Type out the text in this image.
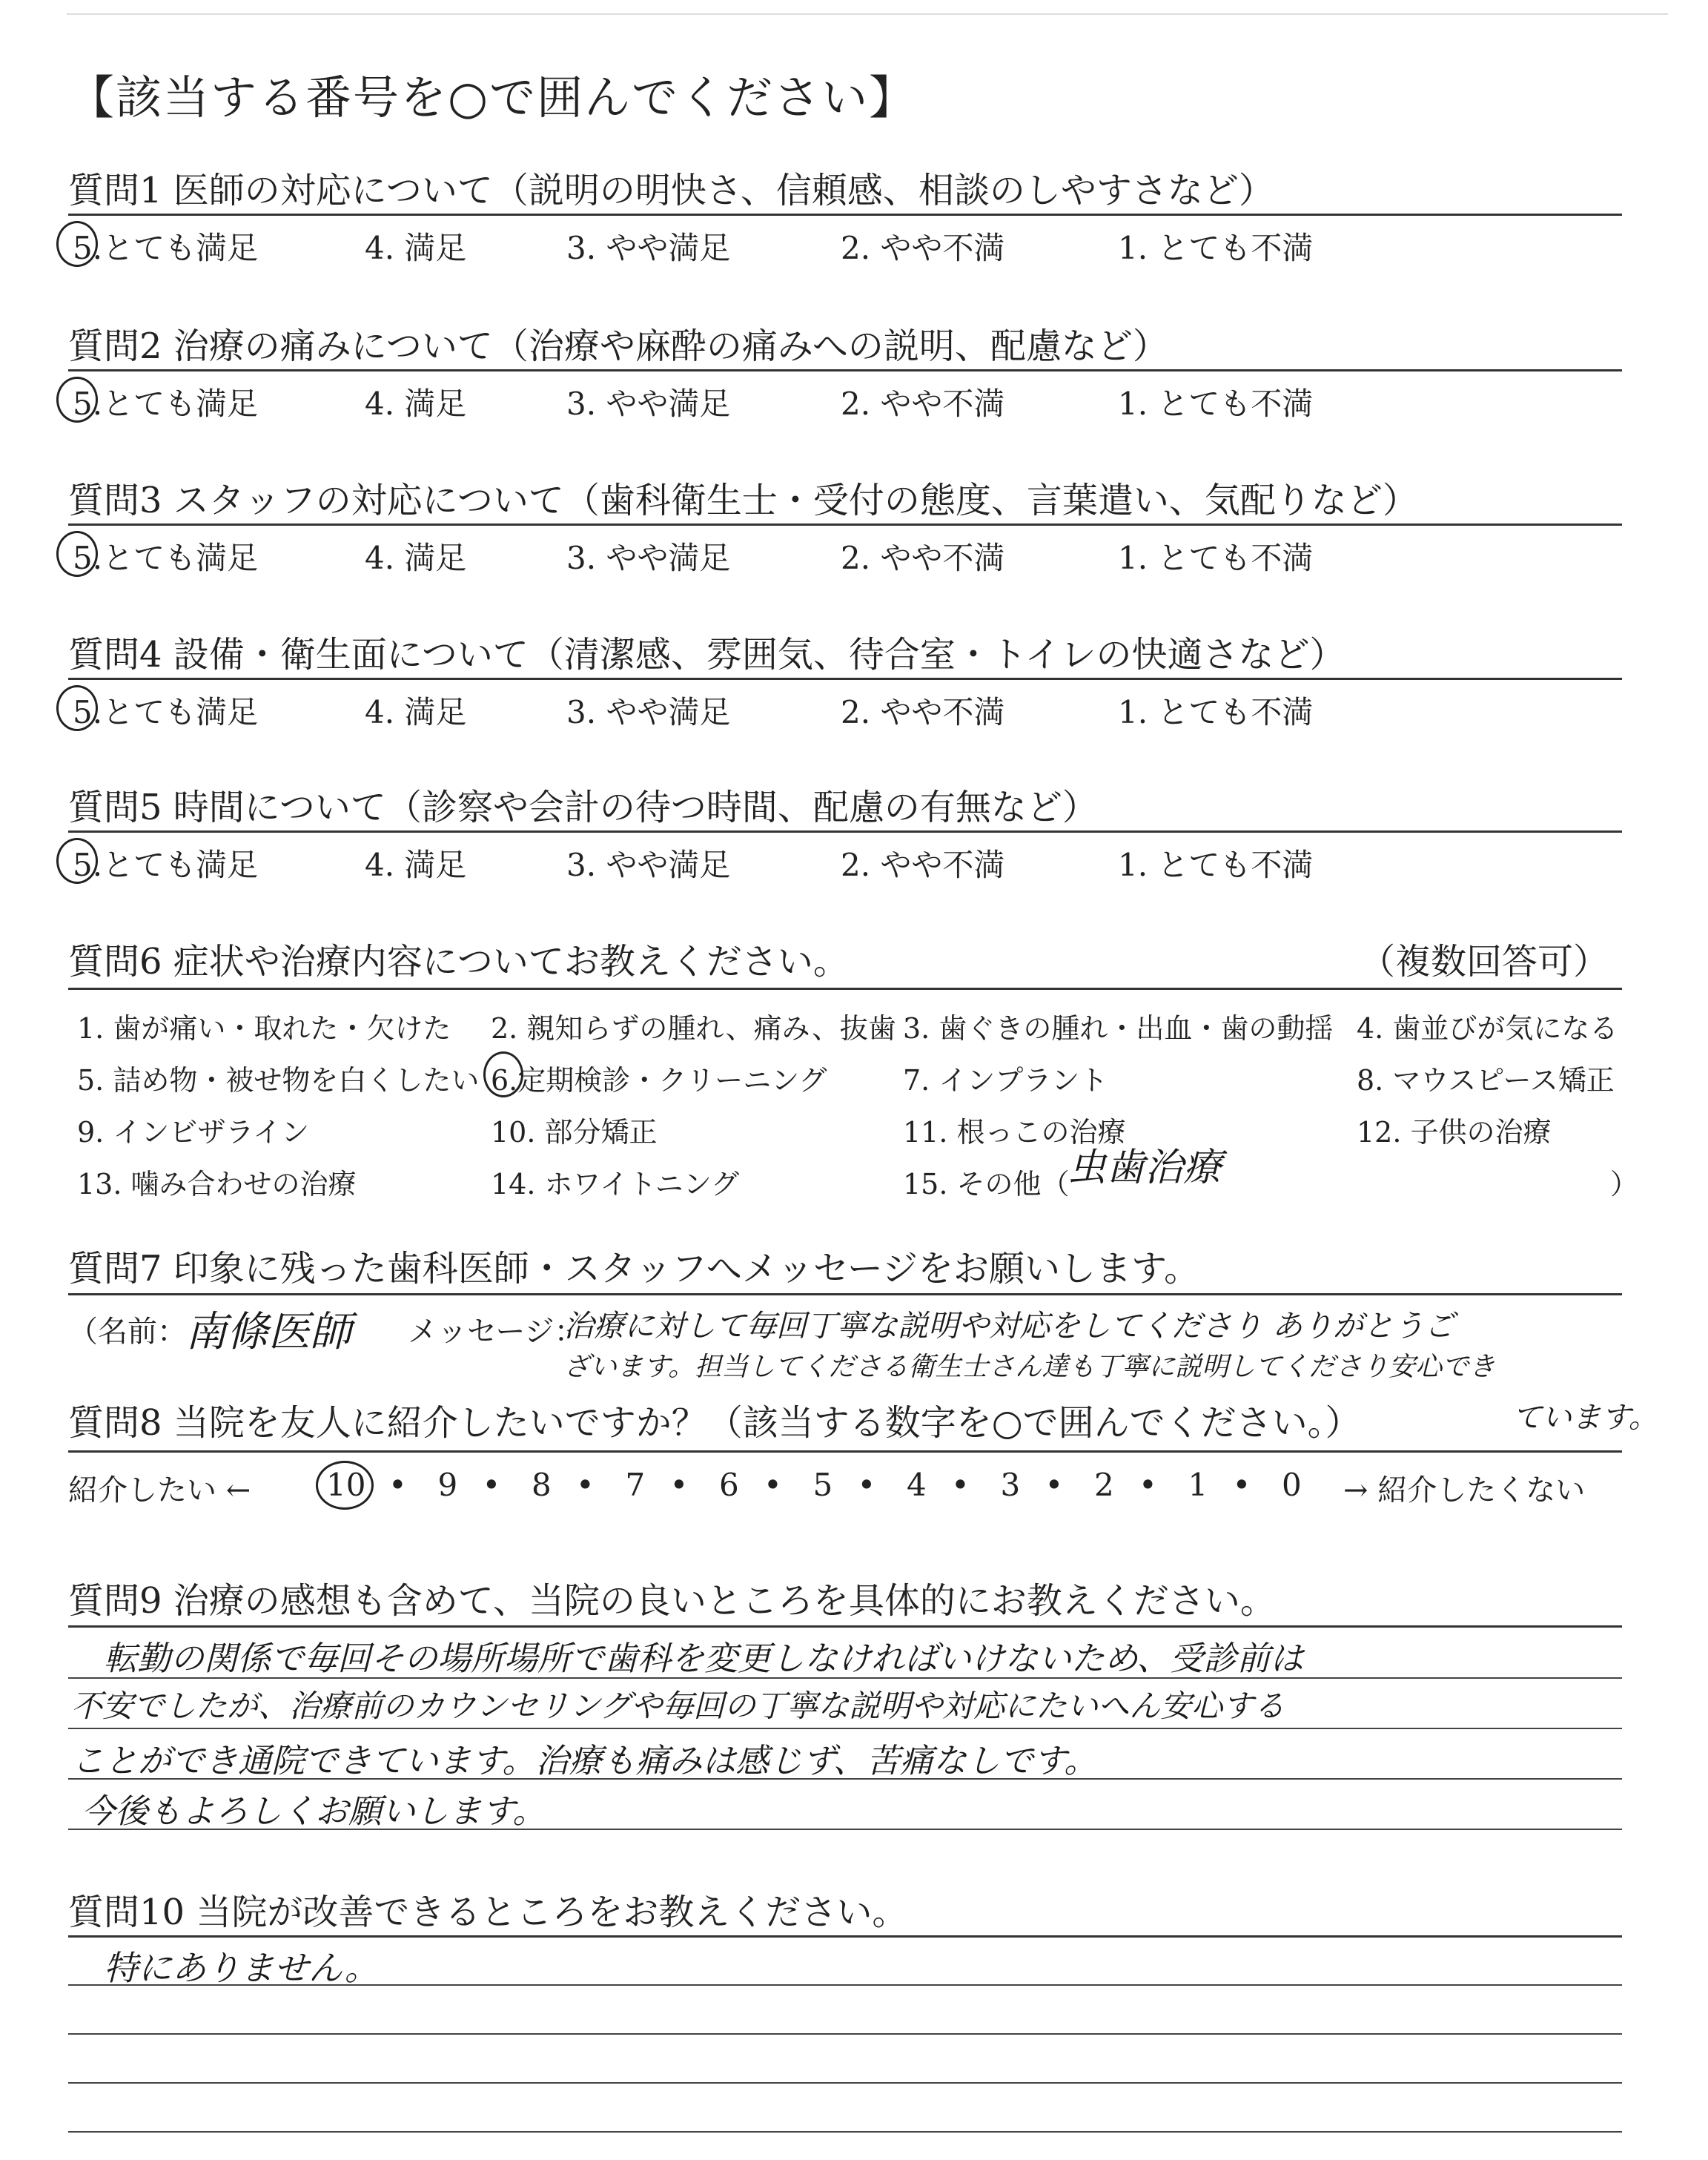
【該当する番号を○で囲んでください】
質問1 医師の対応について（説明の明快さ、信頼感、相談のしやすさなど）
5.とても満足	4. 満足	3. やや満足	2. やや不満	1. とても不満
質問2 治療の痛みについて（治療や麻酔の痛みへの説明、配慮など）
5.とても満足	4. 満足	3. やや満足	2. やや不満	1. とても不満
質問3 スタッフの対応について（歯科衛生士・受付の態度、言葉遣い、気配りなど）
5.とても満足	4. 満足	3. やや満足	2. やや不満	1. とても不満
質問4 設備・衛生面について（清潔感、雰囲気、待合室・トイレの快適さなど）
5.とても満足	4. 満足	3. やや満足	2. やや不満	1. とても不満
質問5 時間について（診察や会計の待つ時間、配慮の有無など）
5.とても満足	4. 満足	3. やや満足	2. やや不満	1. とても不満
質問6 症状や治療内容についてお教えください。	（複数回答可）
1. 歯が痛い・取れた・欠けた 2. 親知らずの腫れ、痛み、抜歯 3. 歯ぐきの腫れ・出血・歯の動揺 4. 歯並びが気になる
5. 詰め物・被せ物を白くしたい 6.定期検診・クリーニング	7. インプラント	8. マウスピース矯正
9. インビザライン	10. 部分矯正	11. 根っこの治療	12. 子供の治療
13. 噛み合わせの治療	14. ホワイトニング	15. その他（	）
虫歯治療
質問7 印象に残った歯科医師・スタッフへメッセージをお願いします。
（名前：
南條医師 メッセージ：
治療に対して毎回丁寧な説明や対応をしてくださり ありがとうご
ざいます。担当してくださる衛生士さん達も丁寧に説明してくださり安心でき
質問8 当院を友人に紹介したいですか？（該当する数字を○で囲んでください。）	ています。
紹介したい ← 10 • 9 • 8 • 7 • 6 • 5 • 4 • 3 • 2 • 1 • 0 → 紹介したくない
質問9 治療の感想も含めて、当院の良いところを具体的にお教えください。
転勤の関係で毎回その場所場所で歯科を変更しなければいけないため、受診前は
不安でしたが、治療前のカウンセリングや毎回の丁寧な説明や対応にたいへん安心する
ことができ通院できています。治療も痛みは感じず、苦痛なしです。
今後もよろしくお願いします。
質問10 当院が改善できるところをお教えください。
特にありません。
